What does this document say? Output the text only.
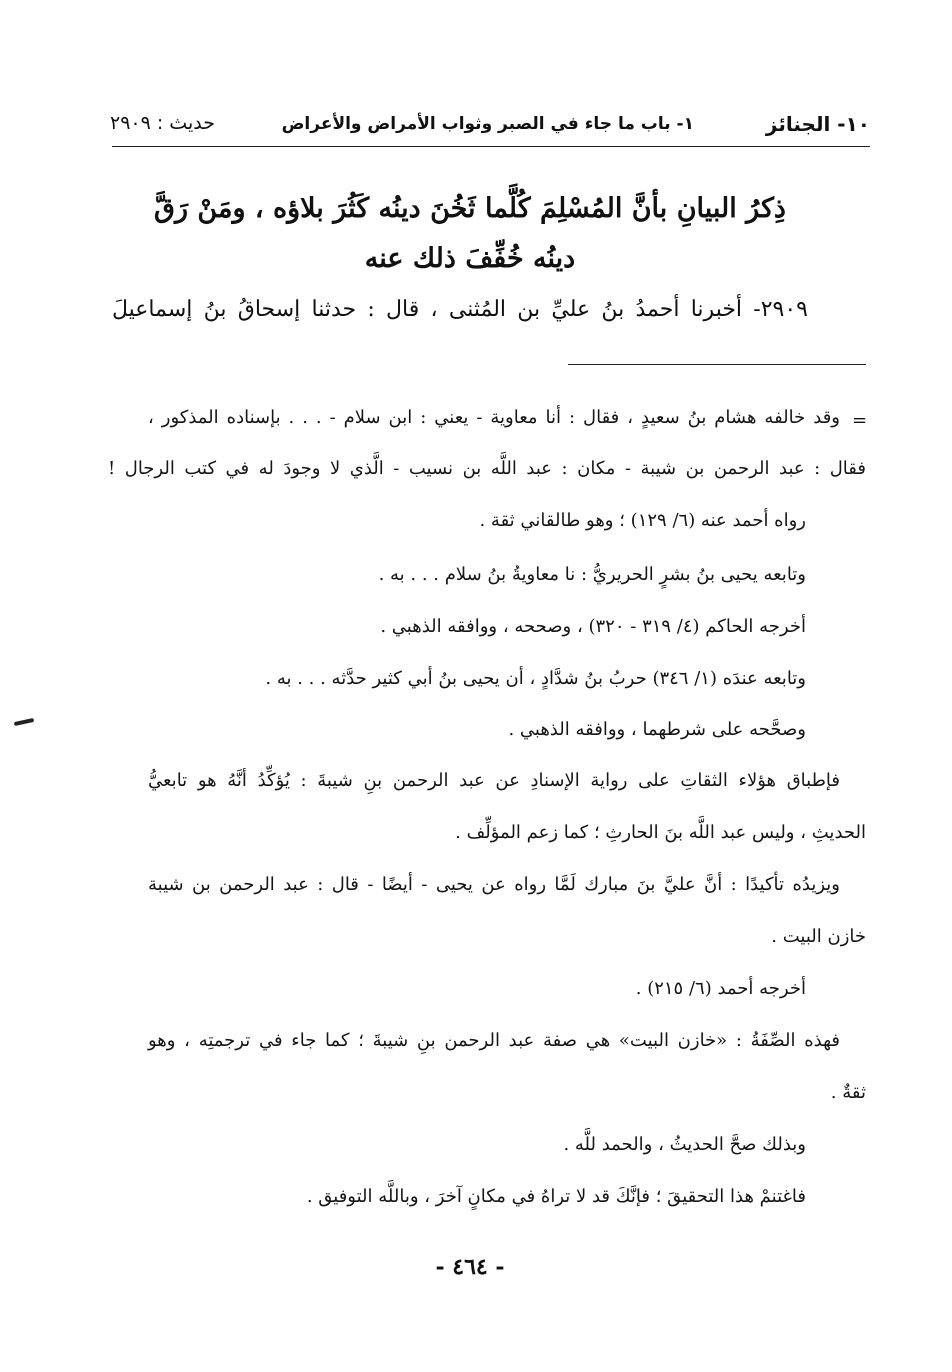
١٠- الجنائز
١- باب ما جاء في الصبر وثواب الأمراض والأعراض
حديث : ٢٩٠٩
ذِكرُ البيانِ بأنَّ المُسْلِمَ كُلَّما ثَخُنَ دينُه كَثُرَ بلاؤه ، ومَنْ رَقَّ
دينُه خُفِّفَ ذلك عنه
٢٩٠٩- أخبرنا أحمدُ بنُ عليِّ بن المُثنى ، قال : حدثنا إسحاقُ بنُ إسماعيلَ
=
وقد خالفه هشام بنُ سعيدٍ ، فقال : أنا معاوية - يعني : ابن سلام - . . . بإسناده المذكور ،
فقال : عبد الرحمن بن شيبة - مكان : عبد اللَّه بن نسيب - الَّذي لا وجودَ له في كتب الرجال !
رواه أحمد عنه (٦/ ١٢٩) ؛ وهو طالقاني ثقة .
وتابعه يحيى بنُ بشرٍ الحريريُّ : نا معاويةُ بنُ سلام . . . به .
أخرجه الحاكم (٤/ ٣١٩ - ٣٢٠) ، وصححه ، ووافقه الذهبي .
وتابعه عندَه (١/ ٣٤٦) حربُ بنُ شدَّادٍ ، أن يحيى بنُ أبي كثير حدَّثه . . . به .
وصحَّحه على شرطهما ، ووافقه الذهبي .
فإطباق هؤلاء الثقاتِ على رواية الإسنادِ عن عبد الرحمن بنِ شيبةَ : يُؤكِّدُ أنَّهُ هو تابعيُّ
الحديثِ ، وليس عبد اللَّه بنَ الحارثِ ؛ كما زعم المؤلِّف .
ويزيدُه تأكيدًا : أنَّ عليَّ بنَ مبارك لَمَّا رواه عن يحيى - أيضًا - قال : عبد الرحمن بن شيبة
خازن البيت .
أخرجه أحمد (٦/ ٢١٥) .
فهذه الصِّفَةُ : «خازن البيت» هي صفة عبد الرحمن بنِ شيبةَ ؛ كما جاء في ترجمتِه ، وهو
ثقةٌ .
وبذلك صحَّ الحديثُ ، والحمد للَّه .
فاغتنمْ هذا التحقيقَ ؛ فإنَّكَ قد لا تراهُ في مكانٍ آخرَ ، وباللَّه التوفيق .
- ٤٦٤ -
